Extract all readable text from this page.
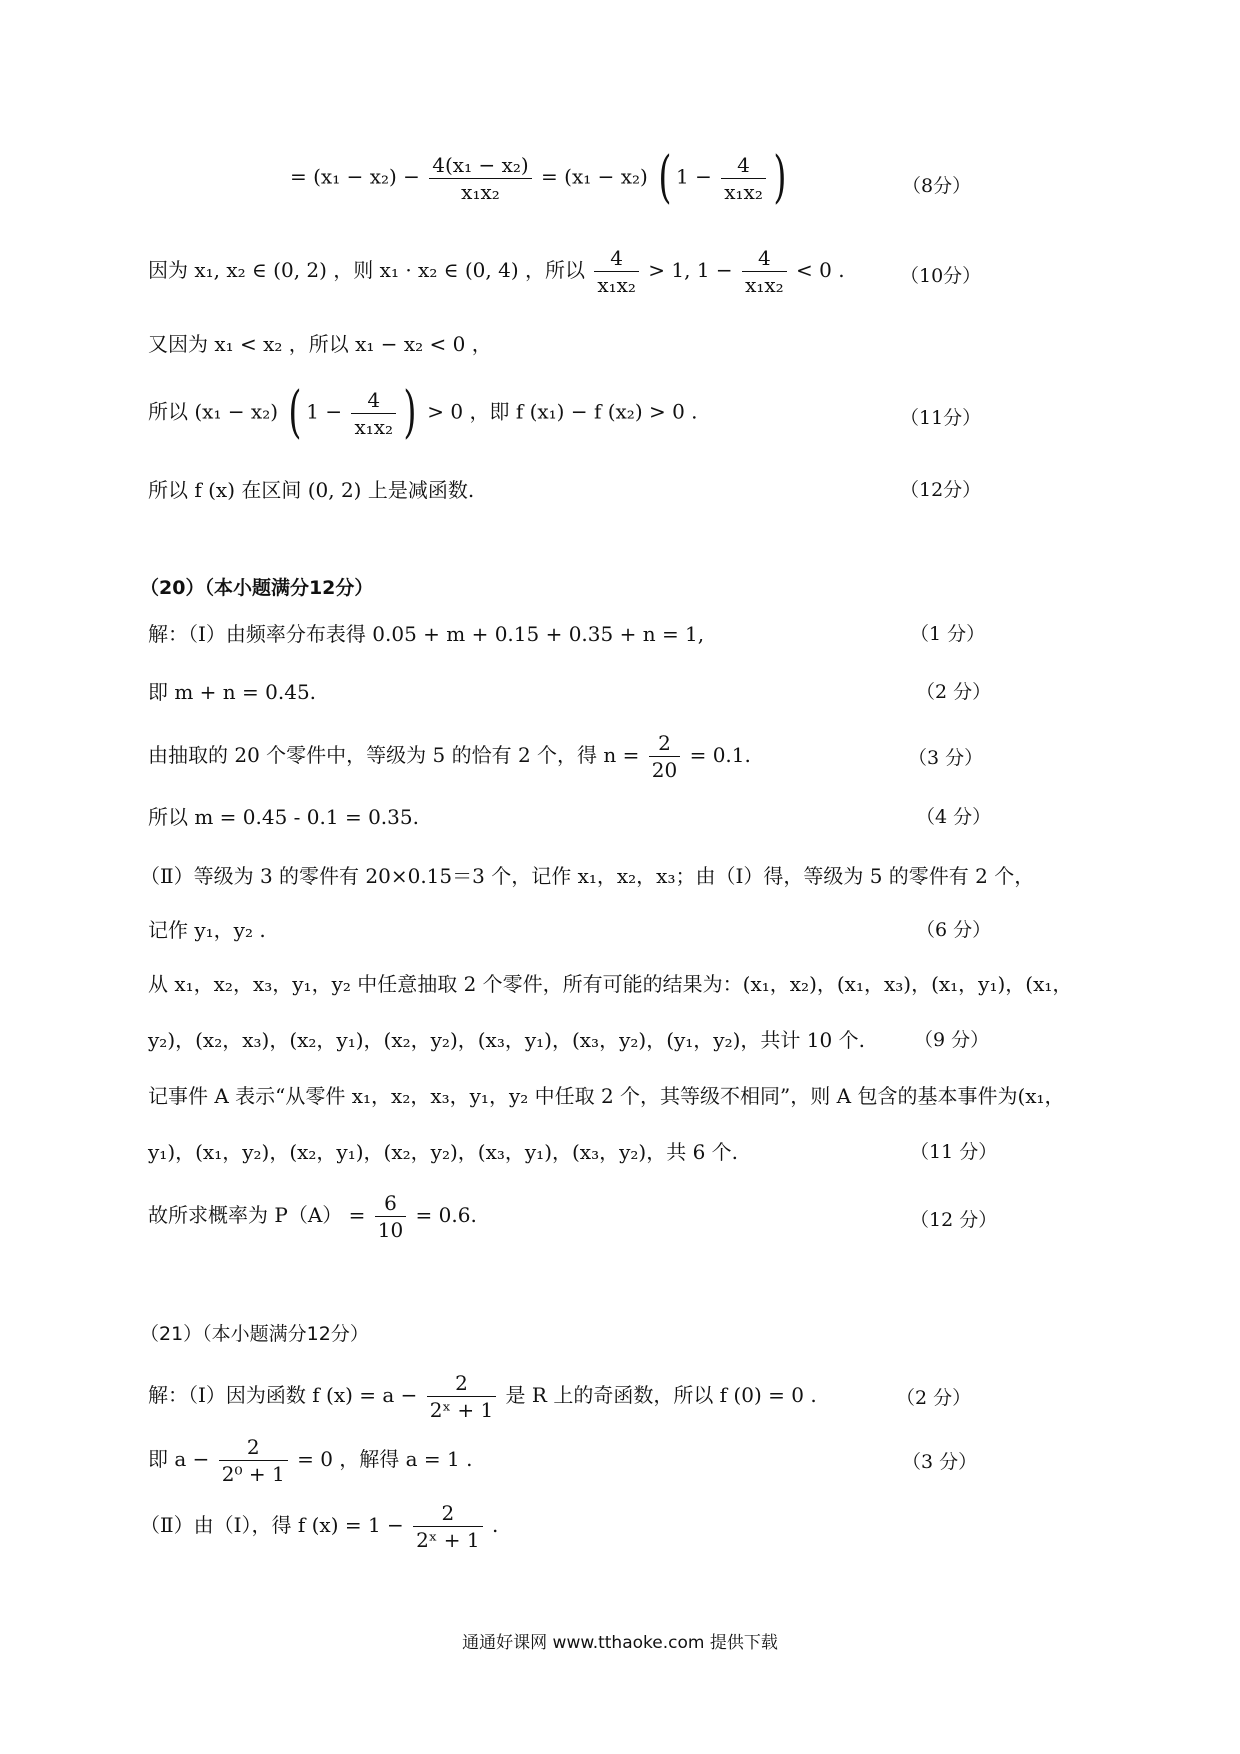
= $(x_1 - x_2) - \frac{\text{4(x₁ − x₂)}}{\text{x₁x₂}} = (x_1 - x_2)$ ( $1 - \frac{4}{\text{x₁x₂}}$ )	（8分）
因为 x₁, x₂ ∈ (0, 2) ，则 x₁ · x₂ ∈ (0, 4) ，所以 $\frac{4}{\text{x₁x₂}} > 1$, $1 - \frac{4}{\text{x₁x₂}} < 0$ .	（10分）
又因为 x₁ < x₂ ，所以 x₁ − x₂ < 0 ，
所以 (x₁ − x₂) ( $1 - \frac{4}{\text{x₁x₂}}$ ) > 0 ，即 f (x₁) − f (x₂) > 0 .	（11分）
所以 f (x) 在区间 (0, 2) 上是减函数.	（12分）
（20）（本小题满分12分）
解：（Ⅰ）由频率分布表得 0.05 + m + 0.15 + 0.35 + n = 1,	（1 分）
即 m + n = 0.45.	（2 分）
由抽取的 20 个零件中，等级为 5 的恰有 2 个，得 $n = \frac{2}{20} = 0.1$.	（3 分）
所以 m = 0.45 - 0.1 = 0.35.	（4 分）
（Ⅱ）等级为 3 的零件有 20×0.15＝3 个，记作 x₁，x₂，x₃；由（Ⅰ）得，等级为 5 的零件有 2 个，
记作 y₁，y₂ .	（6 分）
从 x₁，x₂，x₃，y₁，y₂ 中任意抽取 2 个零件，所有可能的结果为：(x₁，x₂)，(x₁，x₃)，(x₁，y₁)，(x₁，
y₂)，(x₂，x₃)，(x₂，y₁)，(x₂，y₂)，(x₃，y₁)，(x₃，y₂)，(y₁，y₂)，共计 10 个.	（9 分）
记事件 A 表示“从零件 x₁，x₂，x₃，y₁，y₂ 中任取 2 个，其等级不相同”，则 A 包含的基本事件为(x₁，
y₁)，(x₁，y₂)，(x₂，y₁)，(x₂，y₂)，(x₃，y₁)，(x₃，y₂)，共 6 个.	（11 分）
故所求概率为 $P(A) = \frac{6}{10} = 0.6$.	（12 分）
（21）（本小题满分12分）
解：（Ⅰ）因为函数 f $(x) = a - \frac{2}{\text{2ˣ + 1}}$ 是 R 上的奇函数，所以 f (0) = 0 .	（2 分）
即 $a - \frac{2}{\text{2⁰ + 1}} = 0$ ，解得 a = 1 .	（3 分）
（Ⅱ）由（Ⅰ），得 f $(x) = 1 - \frac{2}{\text{2ˣ + 1}}$ .
通通好课网 www.tthaoke.com 提供下载
